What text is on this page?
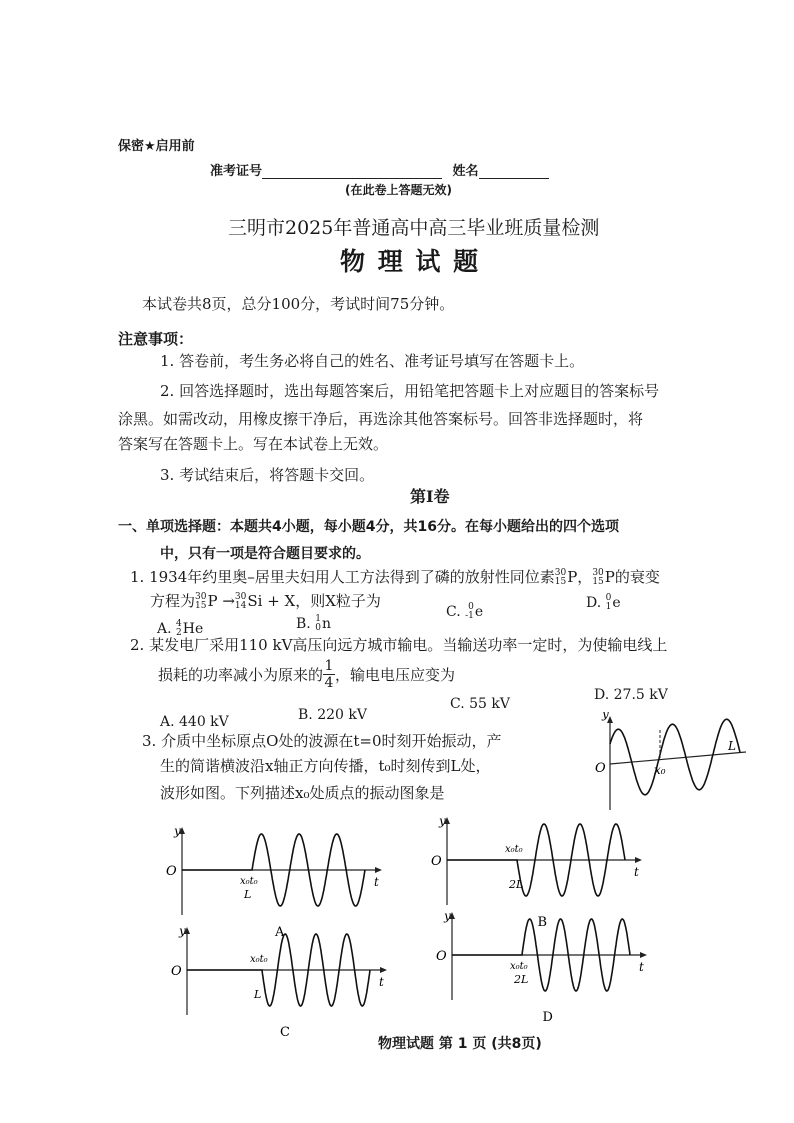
保密★启用前
准考证号	姓名
(在此卷上答题无效)
三明市2025年普通高中高三毕业班质量检测
物 理 试 题
本试卷共8页，总分100分，考试时间75分钟。
注意事项：
1. 答卷前，考生务必将自己的姓名、准考证号填写在答题卡上。
2. 回答选择题时，选出每题答案后，用铅笔把答题卡上对应题目的答案标号
涂黑。如需改动，用橡皮擦干净后，再选涂其他答案标号。回答非选择题时，将
答案写在答题卡上。写在本试卷上无效。
3. 考试结束后，将答题卡交回。
第Ⅰ卷
一、单项选择题：本题共4小题，每小题4分，共16分。在每小题给出的四个选项
中，只有一项是符合题目要求的。
1. 1934年约里奥–居里夫妇用人工方法得到了磷的放射性同位素 30
15 P， 30
15 P的衰变
方程为 30
15 P → 30
14 Si + X，则X粒子为
A. 4
2 He	B. 1
0 n
C. 0
-1 e
D. 0
1 e
2. 某发电厂采用110 kV高压向远方城市输电。当输送功率一定时，为使输电线上
损耗的功率减小为原来的 $\frac{1}{4}$ ，输电电压应变为
A. 440 kV	B. 220 kV
C. 55 kV
D. 27.5 kV
3. 介质中坐标原点O处的波源在t=0时刻开始振动，产
生的简谐横波沿x轴正方向传播，t₀时刻传到L处，
波形如图。下列描述x₀处质点的振动图象是
y
O
L
x₀
y
O
t
x₀t₀
L
A
y
O
t
x₀t₀
2L
B
y
O
t
x₀t₀
L
C
y
O
t
x₀t₀
2L
D
物理试题 第 1 页 (共8页)
